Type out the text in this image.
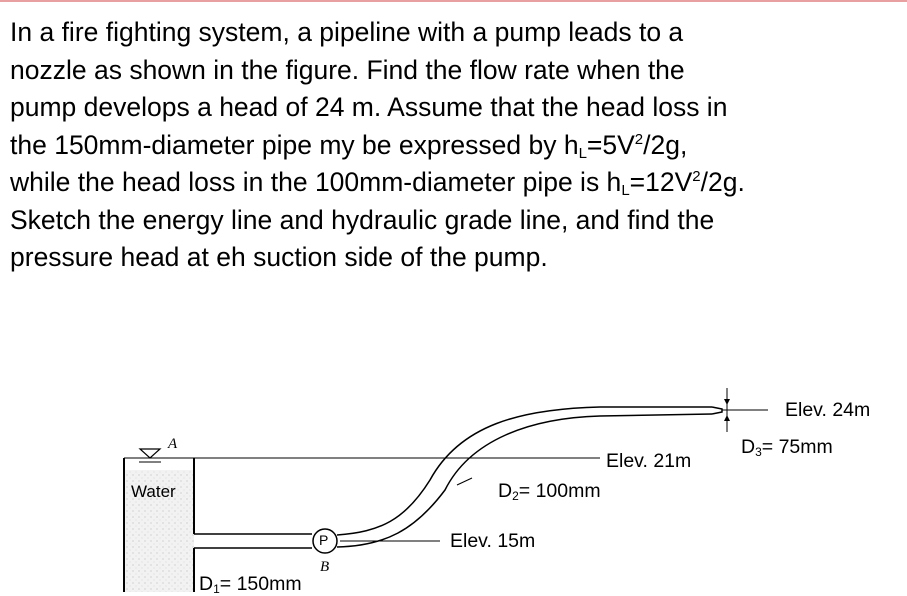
In a fire fighting system, a pipeline with a pump leads to a
nozzle as shown in the figure. Find the flow rate when the
pump develops a head of 24 m. Assume that the head loss in
the 150mm-diameter pipe my be expressed by $h_L=5V^2/2g$,
while the head loss in the 100mm-diameter pipe is $h_L=12V^2/2g$.
Sketch the energy line and hydraulic grade line, and find the
pressure head at eh suction side of the pump.
A
Water
P
B
$D_1= 150mm$
$D_2= 100mm$
$D_3= 75mm$
Elev. 24m
Elev. 21m
Elev. 15m
